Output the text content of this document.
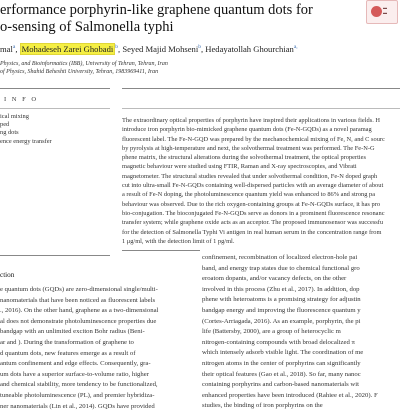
erformance porphyrin-like graphene quantum dots for
o-sensing of Salmonella typhi
▬
▬
mal$^a$, Mohadeseh Zarei Ghobadi $^b$, Seyed Majid Mohseni$^b$, Hedayatollah Ghourchian$^{a,}$
Physics, and Bioinformatics (IBB), University of Tehran, Tehran, Iran
of Physics, Shahid Beheshti University, Tehran, 1983969411, Iran
I N F O
ical mixing
ped
ng dots
ence energy transfer
The extraordinary optical properties of porphyrin have inspired their applications in various fields. H
introduce iron porphyrin bio-mimicked graphene quantum dots (Fe-N-GQDs) as a novel paramag
fluorescent label. The Fe-N-GQD was prepared by the mechanochemical mixing of Fe, N, and C sourc
by pyrolysis at high-temperature and next, the solvothermal treatment was performed. The Fe-N-G
phene matrix, the structural alterations during the solvothermal treatment, the optical properties
magnetic behaviour were studied using FTIR, Raman and X-ray spectroscopies, and Vibrati
magnetometer. The structural studies revealed that under solvothermal condition, Fe-N doped graph
cut into ultra-small Fe-N-GQDs containing well-dispersed particles with an average diameter of about
a result of Fe-N doping, the photoluminescence quantum yield was enhanced to 86% and strong pa
behaviour was observed. Due to the rich oxygen-containing groups at Fe-N-GQDs surface, it has pro
bio-conjugation. The bioconjugated Fe-N-GQDs serve as donors in a prominent fluorescence resonanc
transfer system; while graphene oxide acts as an acceptor. The proposed immunosensor was successfu
for the detection of Salmonella Typhi Vi antigen in real human serum in the concentration range from
1 μg/ml, with the detection limit of 1 pg/ml.
ction
e quantum dots (GQDs) are zero-dimensional single/multi-
nanomaterials that have been noticed as fluorescent labels
., 2016). On the other hand, graphene as a two-dimensional
al does not demonstrate photoluminescence properties due
bandgap with an unlimited exciton Bohr radius (Beni-
ar and ). During the transformation of graphene to
d quantum dots, new features emerge as a result of
antum confinement and edge effects. Consequently, gra-
um dots have a superior surface-to-volume ratio, higher
and chemical stability, more tendency to be functionalized,
tuneable photoluminescence (PL), and premier hybridiza-
ner nanomaterials (Lin et al., 2014). GQDs have provided
confinement, recombination of localized electron-hole pai
band, and energy trap states due to chemical functional gro
eroatom dopants, and/or vacancy defects, on the other
involved in this process (Zhu et al., 2017). In addition, dop
phene with heteroatoms is a promising strategy for adjustin
bandgap energy and improving the fluorescence quantum y
(Cortes-Arriagada, 2016). As an example, porphyrin, the pi
life (Battersby, 2000), are a group of heterocyclic m
nitrogen-containing compounds with broad delocalized π
which intensely adsorb visible light. The coordination of me
nitrogen atoms in the center of porphyrins can significantly
their optical features (Gao et al., 2018). So far, many nanoc
containing porphyrins and carbon-based nanomaterials wit
enhanced properties have been introduced (Rahiee et al., 2020). F
studies, the binding of iron porphyrins on the
